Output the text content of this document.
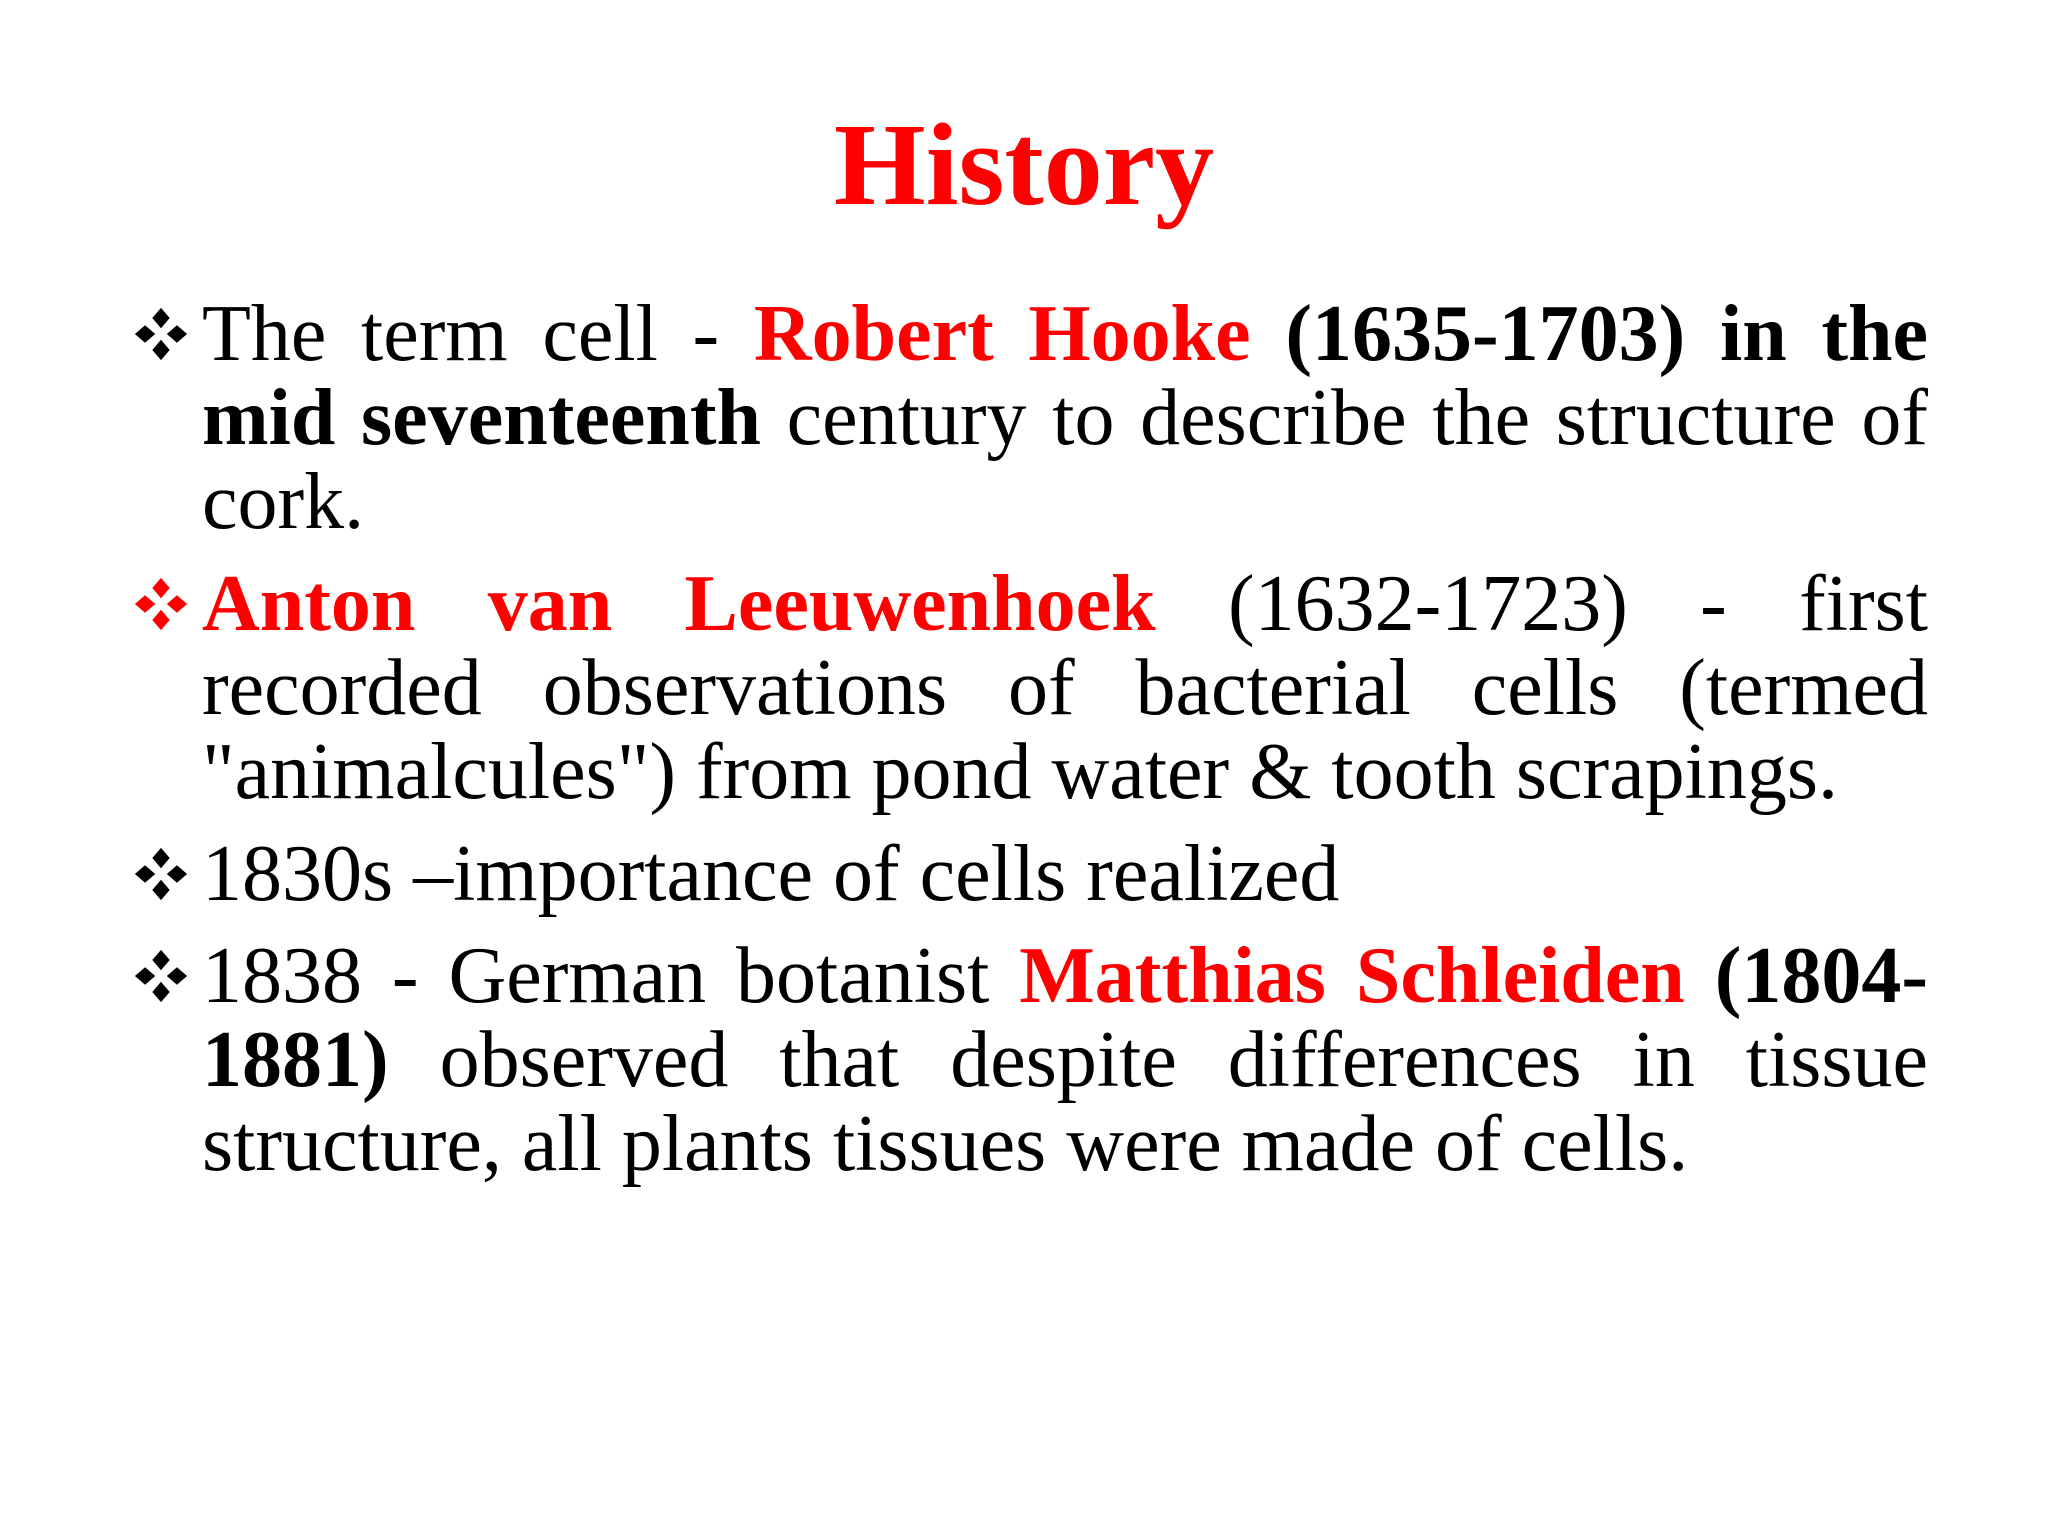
History
The term cell - Robert Hooke (1635-1703) in the mid seventeenth century to describe the structure of cork.
Anton van Leeuwenhoek (1632-1723) - first recorded observations of bacterial cells (termed "animalcules") from pond water & tooth scrapings.
1830s –importance of cells realized
1838 - German botanist Matthias Schleiden (1804-1881) observed that despite differences in tissue structure, all plants tissues were made of cells.
